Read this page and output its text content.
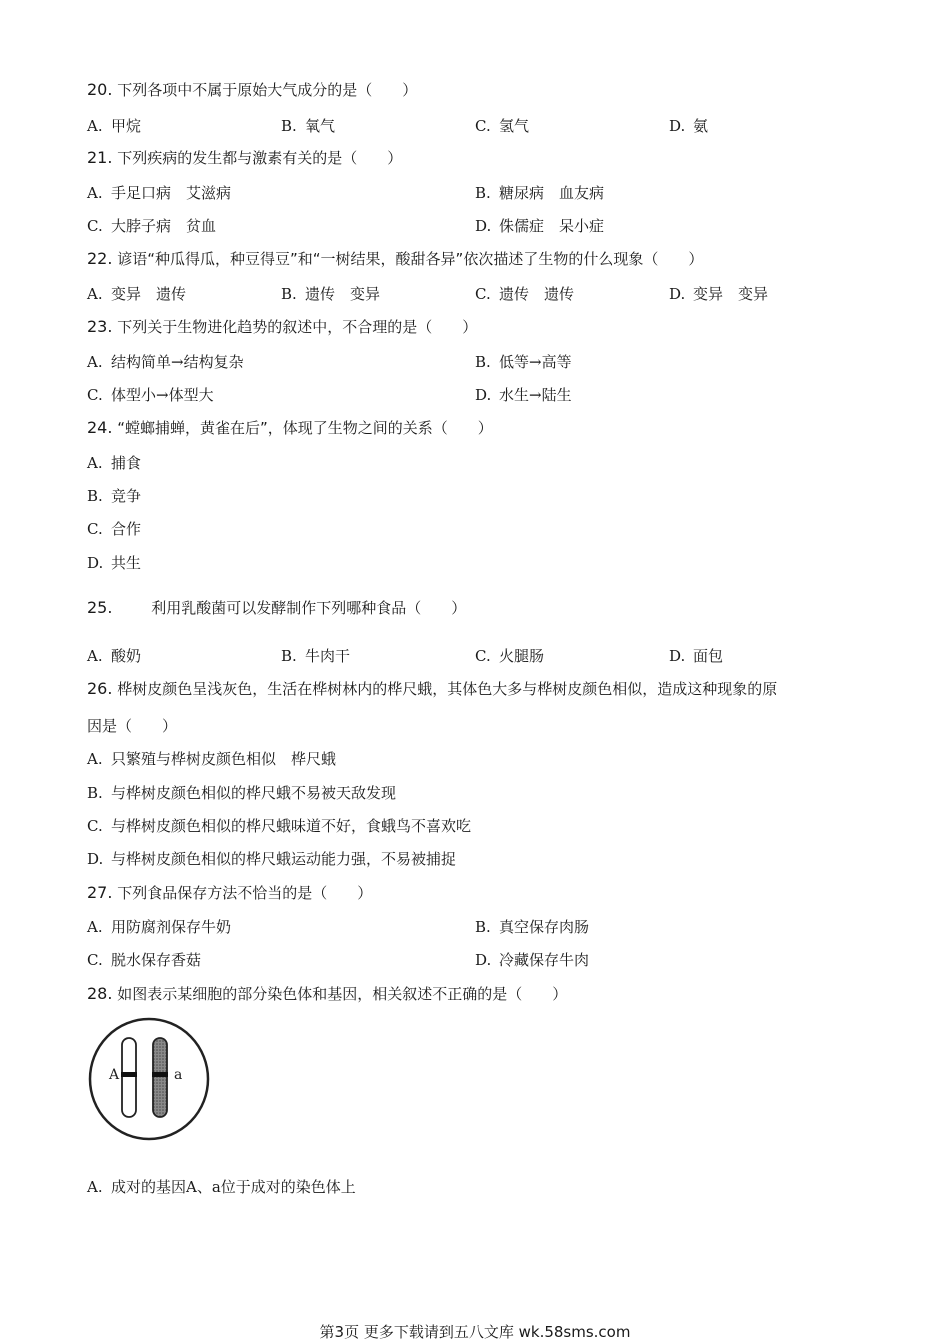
20. 下列各项中不属于原始大气成分的是（　　）
A. 甲烷	B. 氧气	C. 氢气	D. 氨
21. 下列疾病的发生都与激素有关的是（　　）
A. 手足口病　艾滋病	B. 糖尿病　血友病
C. 大脖子病　贫血	D. 侏儒症　呆小症
22. 谚语“种瓜得瓜，种豆得豆”和“一树结果，酸甜各异”依次描述了生物的什么现象（　　）
A. 变异　遗传	B. 遗传　变异	C. 遗传　遗传	D. 变异　变异
23. 下列关于生物进化趋势的叙述中，不合理的是（　　）
A. 结构简单→结构复杂	B. 低等→高等
C. 体型小→体型大	D. 水生→陆生
24. “螳螂捕蝉，黄雀在后”，体现了生物之间的关系（　　）
A. 捕食
B. 竞争
C. 合作
D. 共生
25.	利用乳酸菌可以发酵制作下列哪种食品（　　）
A. 酸奶	B. 牛肉干	C. 火腿肠	D. 面包
26. 桦树皮颜色呈浅灰色，生活在桦树林内的桦尺蛾，其体色大多与桦树皮颜色相似，造成这种现象的原
因是（　　）
A. 只繁殖与桦树皮颜色相似　桦尺蛾
B. 与桦树皮颜色相似的桦尺蛾不易被天敌发现
C. 与桦树皮颜色相似的桦尺蛾味道不好，食蛾鸟不喜欢吃
D. 与桦树皮颜色相似的桦尺蛾运动能力强，不易被捕捉
27. 下列食品保存方法不恰当的是（　　）
A. 用防腐剂保存牛奶	B. 真空保存肉肠
C. 脱水保存香菇	D. 冷藏保存牛肉
28. 如图表示某细胞的部分染色体和基因，相关叙述不正确的是（　　）
A	a
A. 成对的基因A、a位于成对的染色体上
第3页 更多下载请到五八文库 wk.58sms.com
